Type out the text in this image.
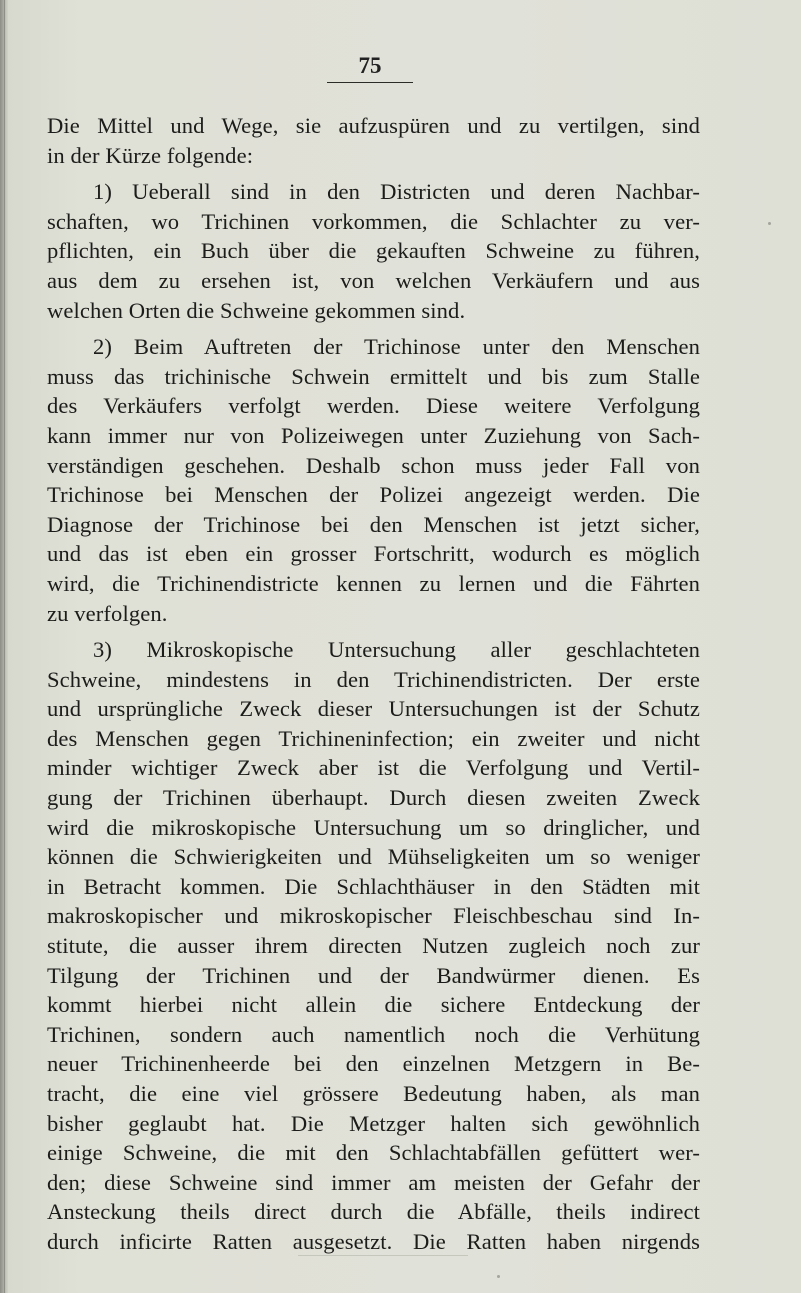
75
Die Mittel und Wege, sie aufzuspüren und zu vertilgen, sind
in der Kürze folgende:
1) Ueberall sind in den Districten und deren Nachbar-
schaften, wo Trichinen vorkommen, die Schlachter zu ver-
pflichten, ein Buch über die gekauften Schweine zu führen,
aus dem zu ersehen ist, von welchen Verkäufern und aus
welchen Orten die Schweine gekommen sind.
2) Beim Auftreten der Trichinose unter den Menschen
muss das trichinische Schwein ermittelt und bis zum Stalle
des Verkäufers verfolgt werden. Diese weitere Verfolgung
kann immer nur von Polizeiwegen unter Zuziehung von Sach-
verständigen geschehen. Deshalb schon muss jeder Fall von
Trichinose bei Menschen der Polizei angezeigt werden. Die
Diagnose der Trichinose bei den Menschen ist jetzt sicher,
und das ist eben ein grosser Fortschritt, wodurch es möglich
wird, die Trichinendistricte kennen zu lernen und die Fährten
zu verfolgen.
3) Mikroskopische Untersuchung aller geschlachteten
Schweine, mindestens in den Trichinendistricten. Der erste
und ursprüngliche Zweck dieser Untersuchungen ist der Schutz
des Menschen gegen Trichineninfection; ein zweiter und nicht
minder wichtiger Zweck aber ist die Verfolgung und Vertil-
gung der Trichinen überhaupt. Durch diesen zweiten Zweck
wird die mikroskopische Untersuchung um so dringlicher, und
können die Schwierigkeiten und Mühseligkeiten um so weniger
in Betracht kommen. Die Schlachthäuser in den Städten mit
makroskopischer und mikroskopischer Fleischbeschau sind In-
stitute, die ausser ihrem directen Nutzen zugleich noch zur
Tilgung der Trichinen und der Bandwürmer dienen. Es
kommt hierbei nicht allein die sichere Entdeckung der
Trichinen, sondern auch namentlich noch die Verhütung
neuer Trichinenheerde bei den einzelnen Metzgern in Be-
tracht, die eine viel grössere Bedeutung haben, als man
bisher geglaubt hat. Die Metzger halten sich gewöhnlich
einige Schweine, die mit den Schlachtabfällen gefüttert wer-
den; diese Schweine sind immer am meisten der Gefahr der
Ansteckung theils direct durch die Abfälle, theils indirect
durch inficirte Ratten ausgesetzt. Die Ratten haben nirgends
